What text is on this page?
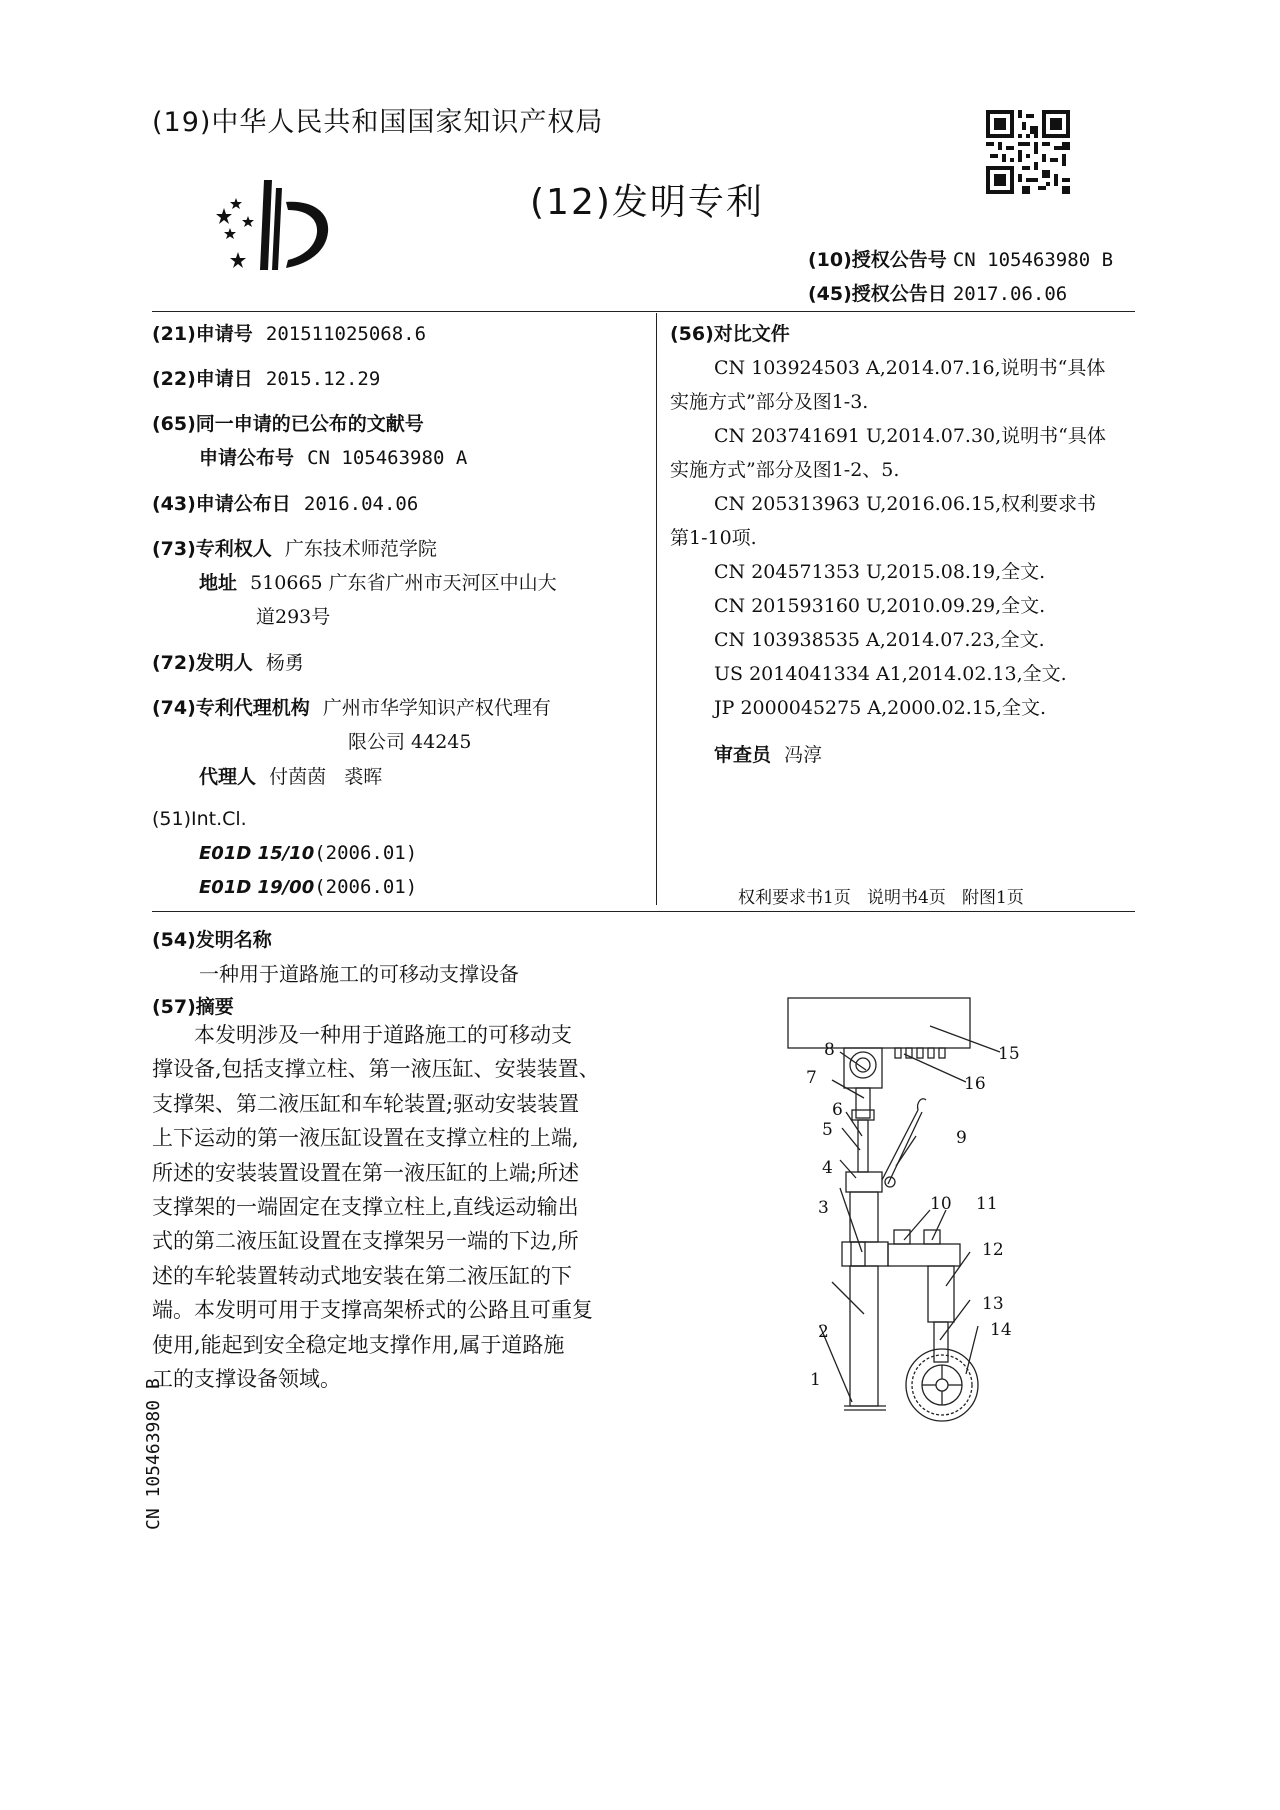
(19)中华人民共和国国家知识产权局
(12)发明专利
(10)授权公告号 CN 105463980 B
(45)授权公告日 2017.06.06
(21)申请号 201511025068.6
(22)申请日 2015.12.29
(65)同一申请的已公布的文献号
申请公布号 CN 105463980 A
(43)申请公布日 2016.04.06
(73)专利权人 广东技术师范学院
地址 510665 广东省广州市天河区中山大
道293号
(72)发明人 杨勇
(74)专利代理机构 广州市华学知识产权代理有
限公司 44245
代理人 付茵茵   裘晖
(51)Int.Cl.
E01D 15/10(2006.01)
E01D 19/00(2006.01)
(56)对比文件
CN 103924503 A,2014.07.16,说明书“具体
实施方式”部分及图1-3.
CN 203741691 U,2014.07.30,说明书“具体
实施方式”部分及图1-2、5.
CN 205313963 U,2016.06.15,权利要求书
第1-10项.
CN 204571353 U,2015.08.19,全文.
CN 201593160 U,2010.09.29,全文.
CN 103938535 A,2014.07.23,全文.
US 2014041334 A1,2014.02.13,全文.
JP 2000045275 A,2000.02.15,全文.
审查员 冯淳
权利要求书1页   说明书4页   附图1页
(54)发明名称
一种用于道路施工的可移动支撑设备
(57)摘要
本发明涉及一种用于道路施工的可移动支
撑设备,包括支撑立柱、第一液压缸、安装装置、
支撑架、第二液压缸和车轮装置;驱动安装装置
上下运动的第一液压缸设置在支撑立柱的上端,
所述的安装装置设置在第一液压缸的上端;所述
支撑架的一端固定在支撑立柱上,直线运动输出
式的第二液压缸设置在支撑架另一端的下边,所
述的车轮装置转动式地安装在第二液压缸的下
端。本发明可用于支撑高架桥式的公路且可重复
使用,能起到安全稳定地支撑作用,属于道路施
工的支撑设备领域。
15
16
8
7
6
5	9
4
10 11
3
12
13
14
2
1
CN 105463980 B
